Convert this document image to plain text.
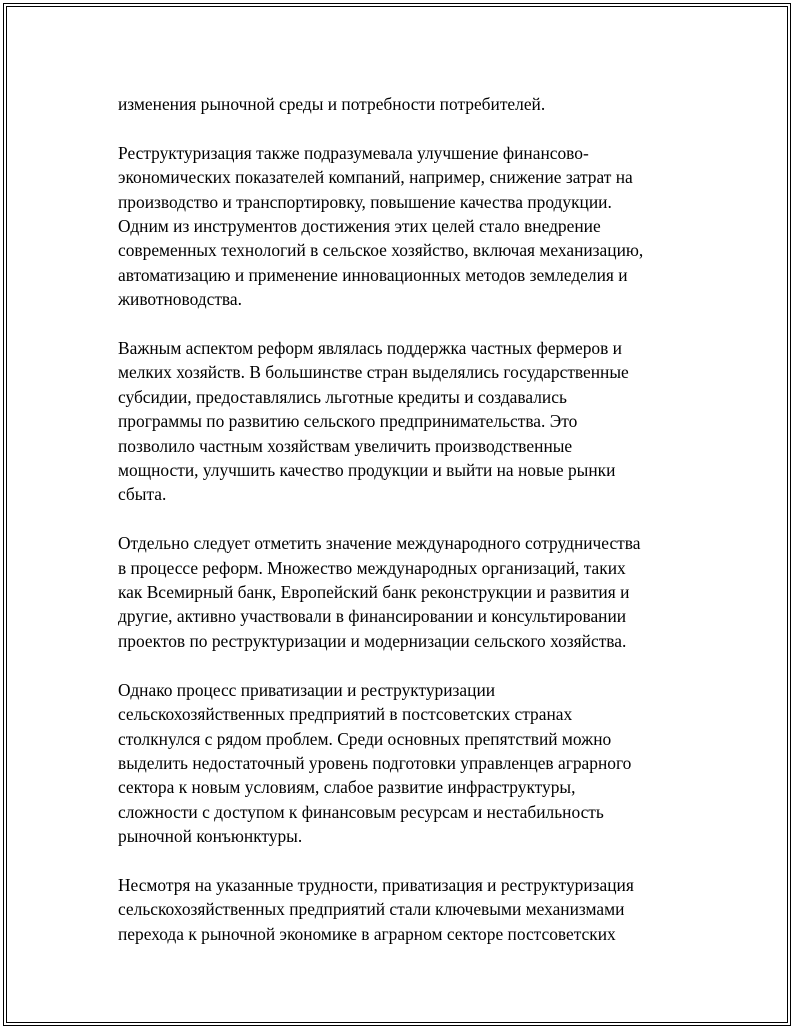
изменения рыночной среды и потребности потребителей.

Реструктуризация также подразумевала улучшение финансово-
экономических показателей компаний, например, снижение затрат на
производство и транспортировку, повышение качества продукции.
Одним из инструментов достижения этих целей стало внедрение
современных технологий в сельское хозяйство, включая механизацию,
автоматизацию и применение инновационных методов земледелия и
животноводства.

Важным аспектом реформ являлась поддержка частных фермеров и
мелких хозяйств. В большинстве стран выделялись государственные
субсидии, предоставлялись льготные кредиты и создавались
программы по развитию сельского предпринимательства. Это
позволило частным хозяйствам увеличить производственные
мощности, улучшить качество продукции и выйти на новые рынки
сбыта.

Отдельно следует отметить значение международного сотрудничества
в процессе реформ. Множество международных организаций, таких
как Всемирный банк, Европейский банк реконструкции и развития и
другие, активно участвовали в финансировании и консультировании
проектов по реструктуризации и модернизации сельского хозяйства.

Однако процесс приватизации и реструктуризации
сельскохозяйственных предприятий в постсоветских странах
столкнулся с рядом проблем. Среди основных препятствий можно
выделить недостаточный уровень подготовки управленцев аграрного
сектора к новым условиям, слабое развитие инфраструктуры,
сложности с доступом к финансовым ресурсам и нестабильность
рыночной конъюнктуры.

Несмотря на указанные трудности, приватизация и реструктуризация
сельскохозяйственных предприятий стали ключевыми механизмами
перехода к рыночной экономике в аграрном секторе постсоветских
